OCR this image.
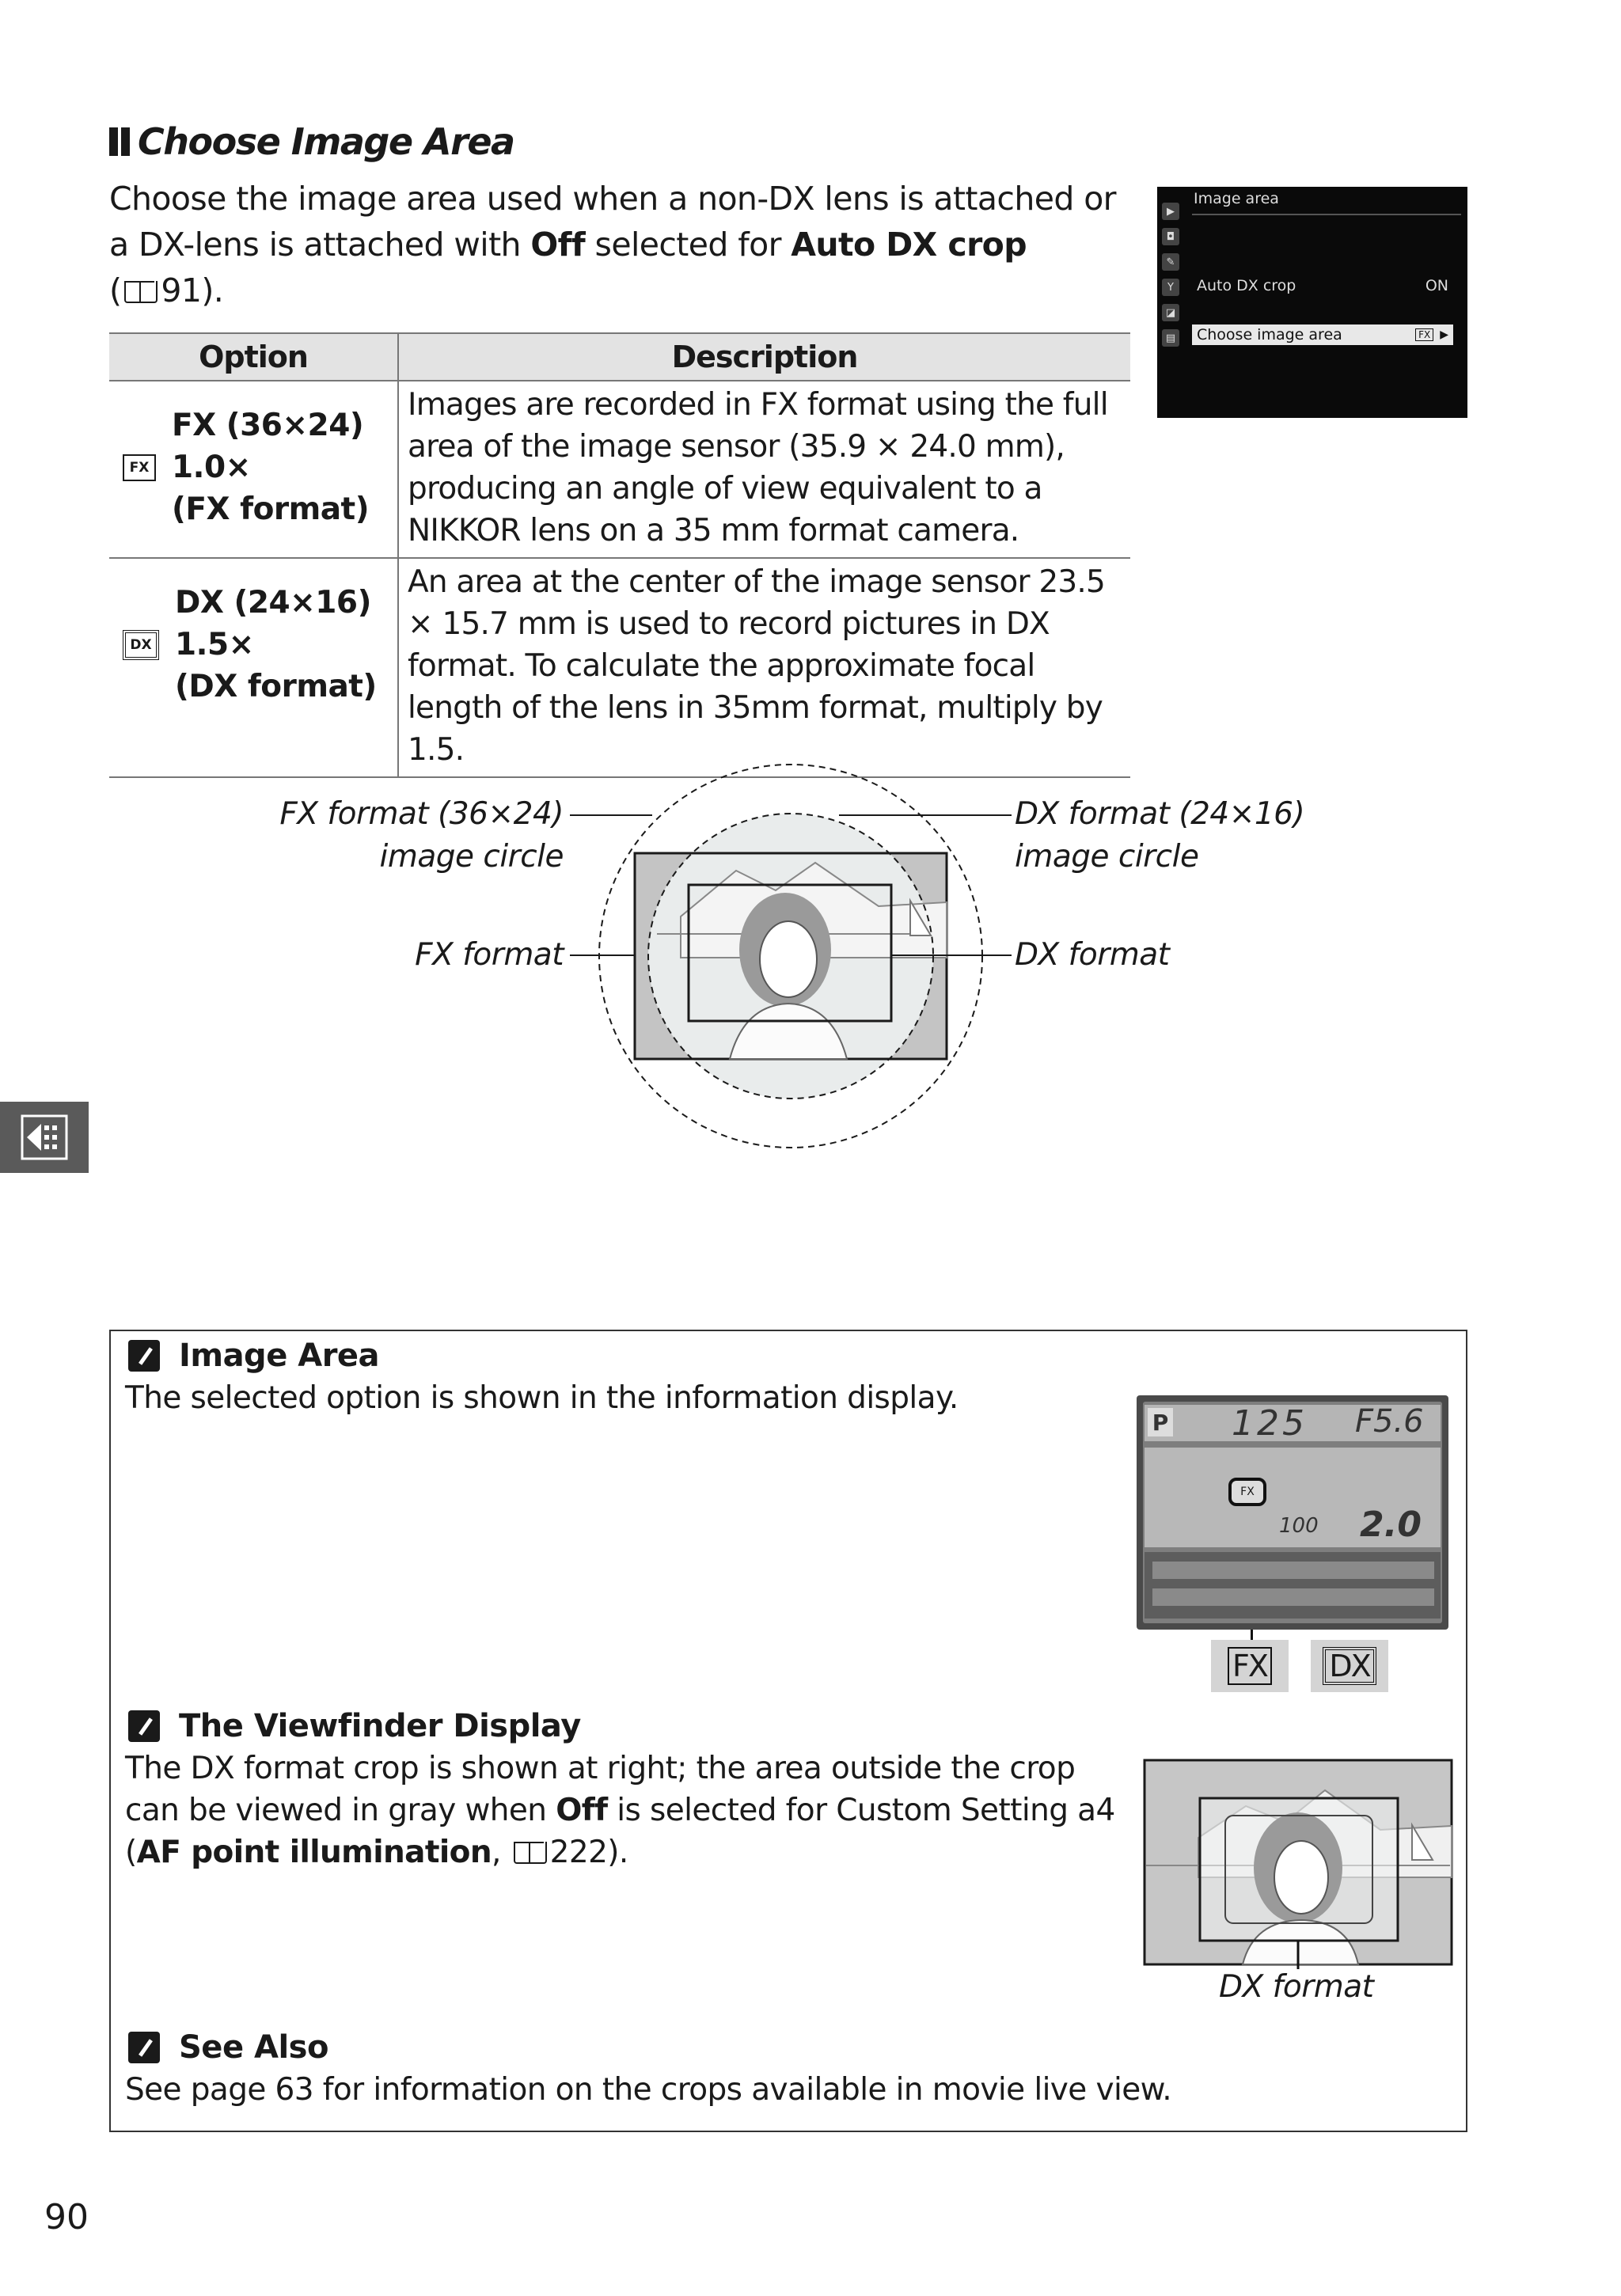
Choose Image Area
Choose the image area used when a non-DX lens is attached or a DX-lens is attached with Off selected for Auto DX crop
( 91).
Option	Description

FX
FX (36×24)
1.0×
(FX format)	Images are recorded in FX format using the full area of the image sensor (35.9 × 24.0 mm), producing an angle of view equivalent to a NIKKOR lens on a 35 mm format camera.

DX
DX (24×16)
1.5×
(DX format)	An area at the center of the image sensor 23.5 × 15.7 mm is used to record pictures in DX format. To calculate the approximate focal length of the lens in 35mm format, multiply by 1.5.
▶
◘
✎
Y
◪
▤
Image area
Auto DX crop	ON
Choose image area	FX ▶
FX format (36×24)
image circle
DX format (24×16)
image circle
FX format	DX format
Image Area
The selected option is shown in the information display.
P 125 F5.6
FX
100 2.0
FX DX
The Viewfinder Display
The DX format crop is shown at right; the area outside the crop can be viewed in gray when Off is selected for Custom Setting a4 (AF point illumination, 222).
DX format
See Also
See page 63 for information on the crops available in movie live view.
90
